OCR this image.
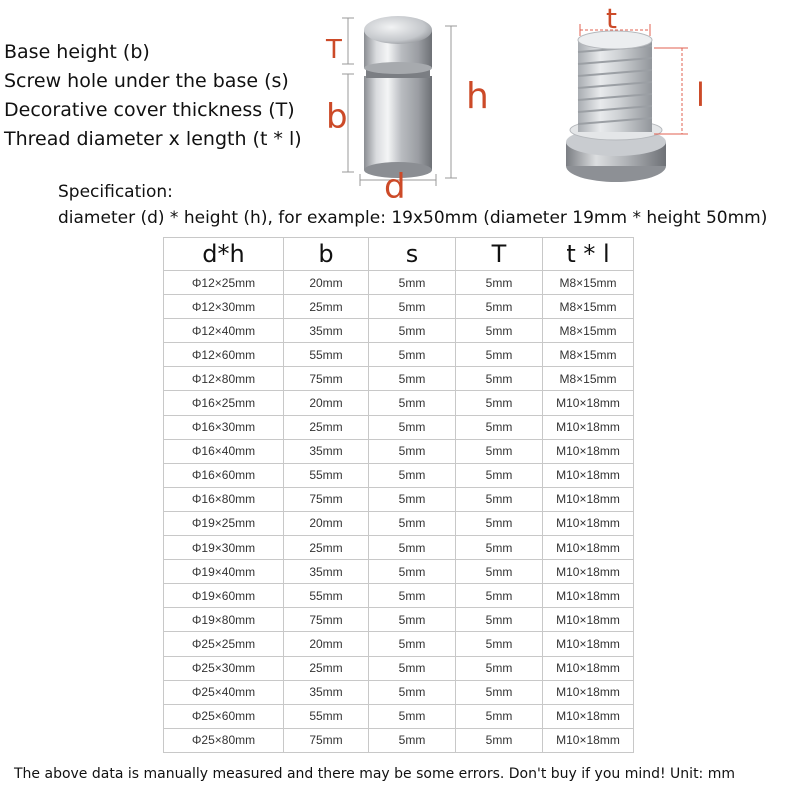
Base height (b)
Screw hole under the base (s)
Decorative cover thickness (T)
Thread diameter x length (t * l)
T
b	h
d
t
l
Specification:
diameter (d) * height (h), for example: 19x50mm (diameter 19mm * height 50mm)
d*h	b	s	T	t * l
Φ12×25mm	20mm	5mm	5mm	M8×15mm
Φ12×30mm	25mm	5mm	5mm	M8×15mm
Φ12×40mm	35mm	5mm	5mm	M8×15mm
Φ12×60mm	55mm	5mm	5mm	M8×15mm
Φ12×80mm	75mm	5mm	5mm	M8×15mm
Φ16×25mm	20mm	5mm	5mm	M10×18mm
Φ16×30mm	25mm	5mm	5mm	M10×18mm
Φ16×40mm	35mm	5mm	5mm	M10×18mm
Φ16×60mm	55mm	5mm	5mm	M10×18mm
Φ16×80mm	75mm	5mm	5mm	M10×18mm
Φ19×25mm	20mm	5mm	5mm	M10×18mm
Φ19×30mm	25mm	5mm	5mm	M10×18mm
Φ19×40mm	35mm	5mm	5mm	M10×18mm
Φ19×60mm	55mm	5mm	5mm	M10×18mm
Φ19×80mm	75mm	5mm	5mm	M10×18mm
Φ25×25mm	20mm	5mm	5mm	M10×18mm
Φ25×30mm	25mm	5mm	5mm	M10×18mm
Φ25×40mm	35mm	5mm	5mm	M10×18mm
Φ25×60mm	55mm	5mm	5mm	M10×18mm
Φ25×80mm	75mm	5mm	5mm	M10×18mm
The above data is manually measured and there may be some errors. Don't buy if you mind! Unit: mm
